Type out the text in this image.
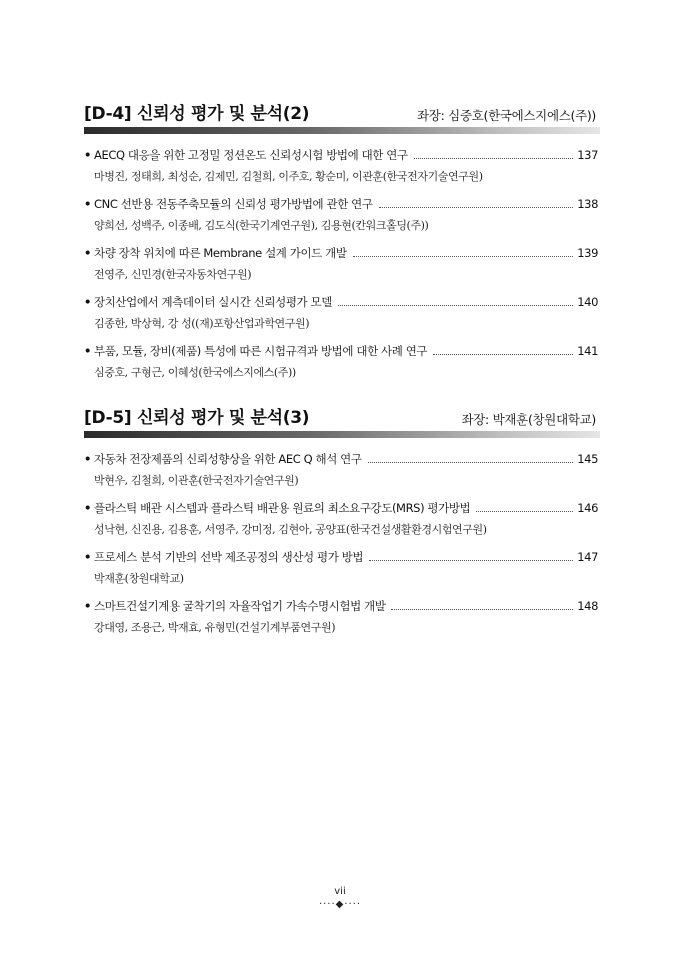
[D-4] 신뢰성 평가 및 분석(2)	좌장: 심중호(한국에스지에스(주))
• AECQ 대응을 위한 고정밀 정션온도 신뢰성시험 방법에 대한 연구	137
마병진, 정태희, 최성순, 김제민, 김철희, 이주호, 황순미, 이관훈(한국전자기술연구원)
• CNC 선반용 전동주축모듈의 신뢰성 평가방법에 관한 연구	138
양희선, 성백주, 이종배, 김도식(한국기계연구원), 김용현(칸워크홀딩(주))
• 차량 장착 위치에 따른 Membrane 설계 가이드 개발	139
전영주, 신민경(한국자동차연구원)
• 장치산업에서 계측데이터 실시간 신뢰성평가 모델	140
김종한, 박상혁, 강 성((재)포항산업과학연구원)
• 부품, 모듈, 장비(제품) 특성에 따른 시험규격과 방법에 대한 사례 연구	141
심중호, 구형근, 이혜성(한국에스지에스(주))
[D-5] 신뢰성 평가 및 분석(3)	좌장: 박재훈(창원대학교)
• 자동차 전장제품의 신뢰성향상을 위한 AEC Q 해석 연구	145
박현우, 김철희, 이관훈(한국전자기술연구원)
• 플라스틱 배관 시스템과 플라스틱 배관용 원료의 최소요구강도(MRS) 평가방법	146
성낙현, 신진용, 김용훈, 서영주, 강미정, 김현아, 공양표(한국건설생활환경시험연구원)
• 프로세스 분석 기반의 선박 제조공정의 생산성 평가 방법	147
박재훈(창원대학교)
• 스마트건설기계용 굴착기의 자율작업기 가속수명시험법 개발	148
강대영, 조용근, 박재효, 유형민(건설기계부품연구원)
vii
····◆····
